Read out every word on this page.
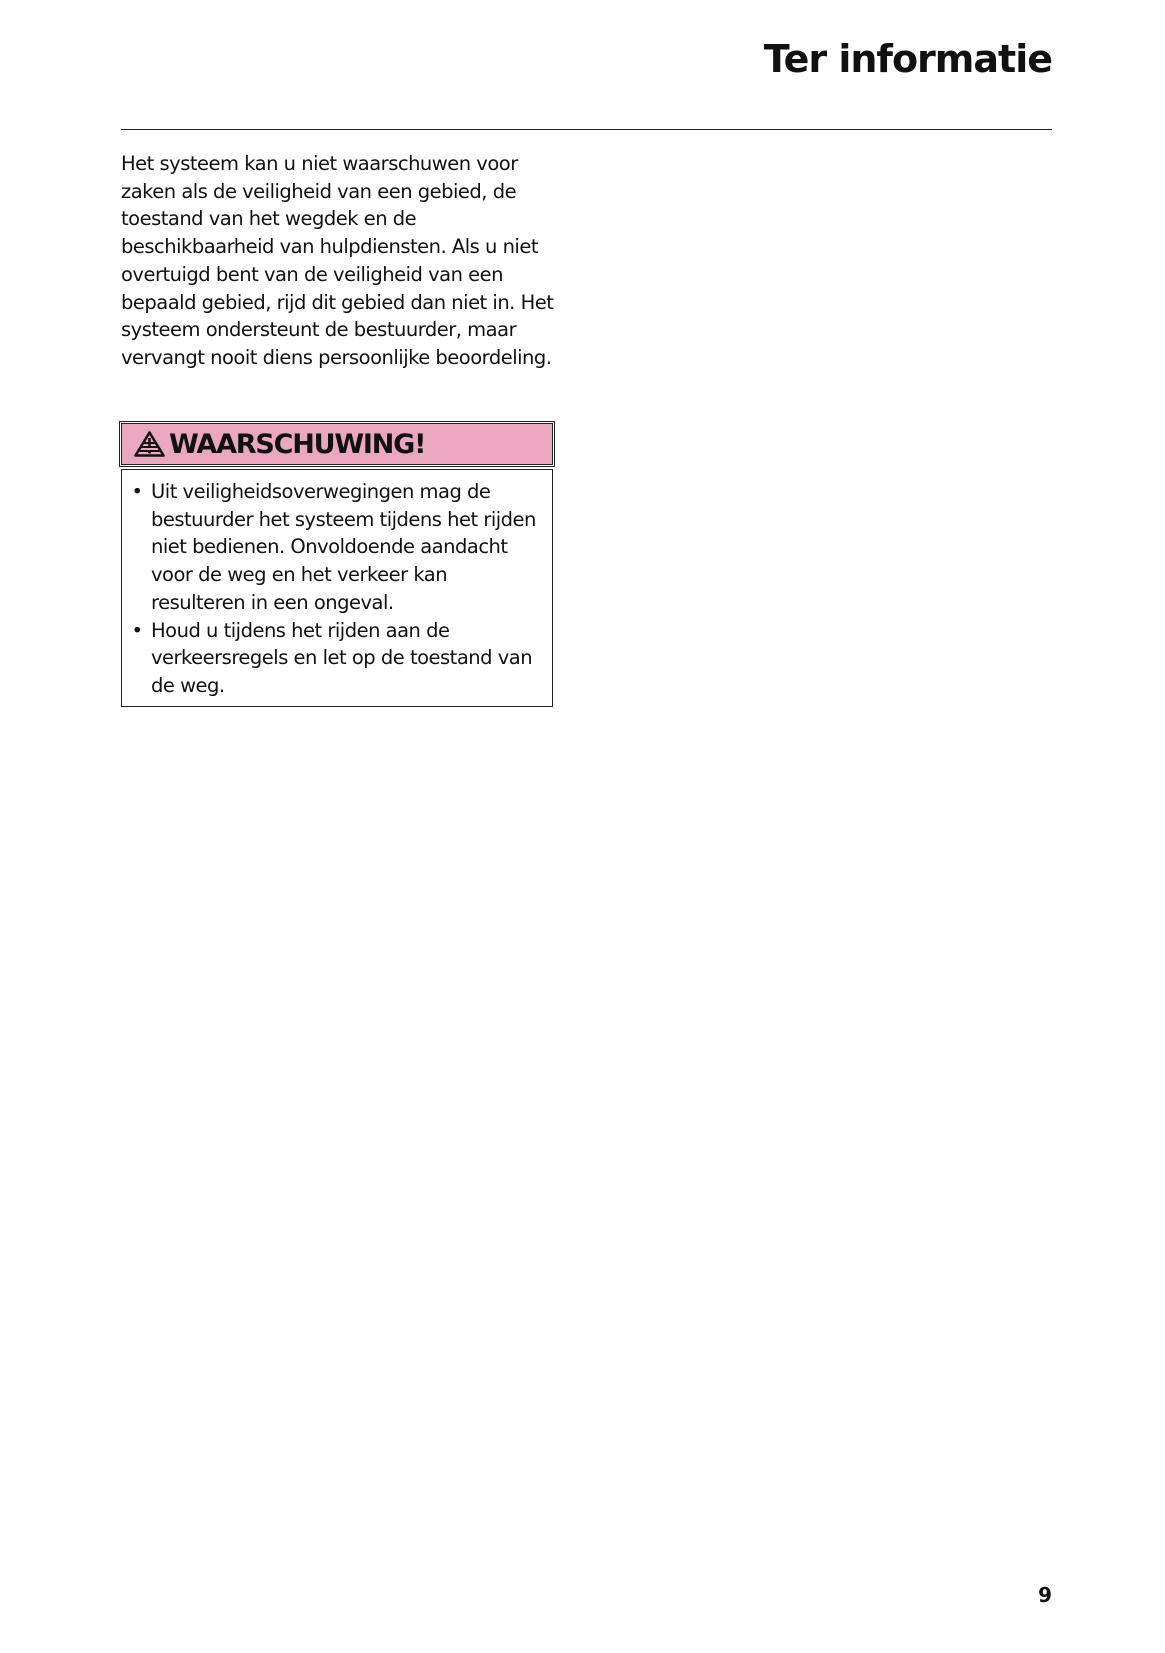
Ter informatie

Het systeem kan u niet waarschuwen voor zaken als de veiligheid van een gebied, de toestand van het wegdek en de beschikbaarheid van hulpdiensten. Als u niet overtuigd bent van de veiligheid van een bepaald gebied, rijd dit gebied dan niet in. Het systeem ondersteunt de bestuurder, maar vervangt nooit diens persoonlijke beoordeling.

WAARSCHUWING!
• Uit veiligheidsoverwegingen mag de bestuurder het systeem tijdens het rijden niet bedienen. Onvoldoende aandacht voor de weg en het verkeer kan resulteren in een ongeval.
• Houd u tijdens het rijden aan de verkeersregels en let op de toestand van de weg.
9
